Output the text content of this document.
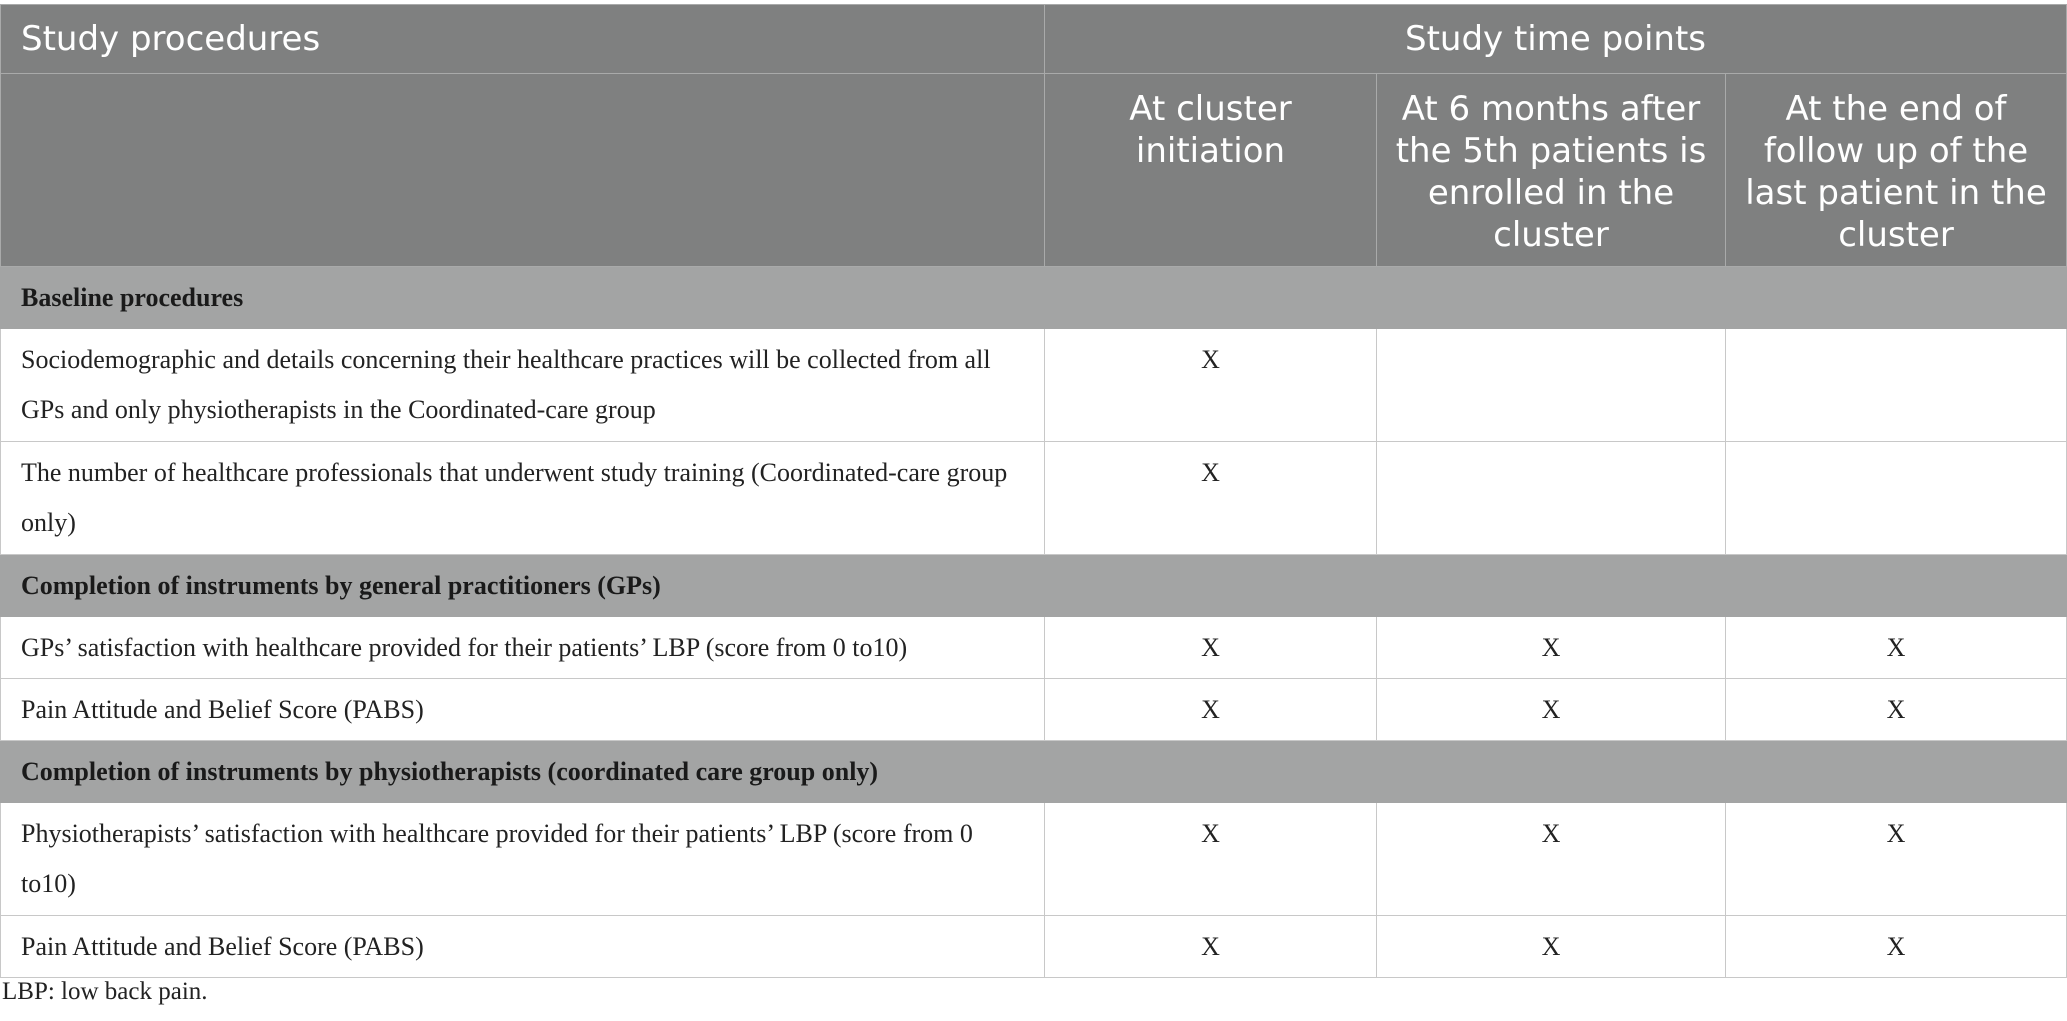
Study procedures	Study time points		
	At cluster initiation	At 6 months after the 5th patients is enrolled in the cluster	At the end of follow up of the last patient in the cluster
Baseline procedures			
Sociodemographic and details concerning their healthcare practices will be collected from all GPs and only physiotherapists in the Coordinated-care group	X		
The number of healthcare professionals that underwent study training (Coordinated-care group only)	X		
Completion of instruments by general practitioners (GPs)			
GPs’ satisfaction with healthcare provided for their patients’ LBP (score from 0 to10)	X	X	X
Pain Attitude and Belief Score (PABS)	X	X	X
Completion of instruments by physiotherapists (coordinated care group only)			
Physiotherapists’ satisfaction with healthcare provided for their patients’ LBP (score from 0 to10)	X	X	X
Pain Attitude and Belief Score (PABS)	X	X	X
LBP: low back pain.
